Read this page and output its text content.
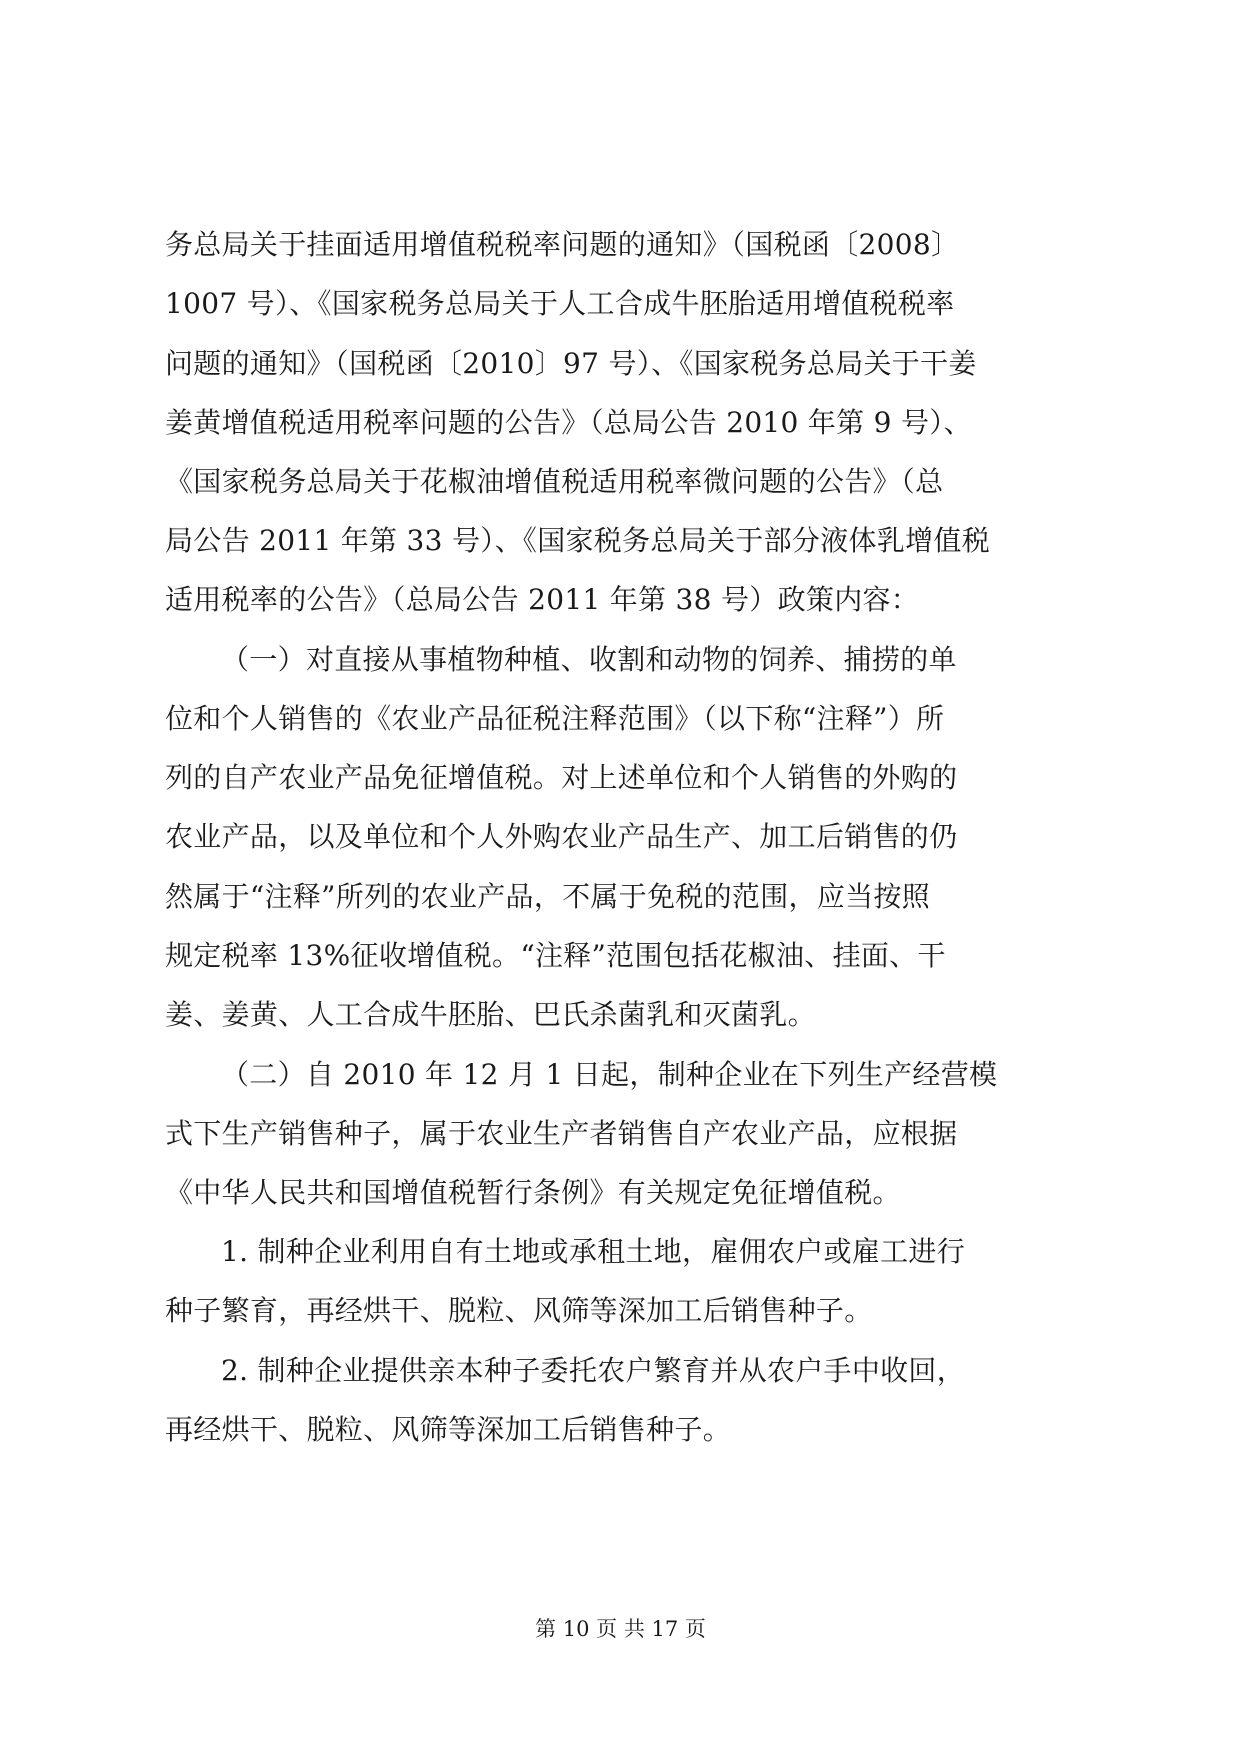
务总局关于挂面适用增值税税率问题的通知》（国税函〔2008〕
1007 号）、《国家税务总局关于人工合成牛胚胎适用增值税税率
问题的通知》（国税函〔2010〕97 号）、《国家税务总局关于干姜
姜黄增值税适用税率问题的公告》（总局公告 2010 年第 9 号）、
《国家税务总局关于花椒油增值税适用税率微问题的公告》（总
局公告 2011 年第 33 号）、《国家税务总局关于部分液体乳增值税
适用税率的公告》（总局公告 2011 年第 38 号）政策内容：
（一）对直接从事植物种植、收割和动物的饲养、捕捞的单
位和个人销售的《农业产品征税注释范围》（以下称“注释”）所
列的自产农业产品免征增值税。对上述单位和个人销售的外购的
农业产品，以及单位和个人外购农业产品生产、加工后销售的仍
然属于“注释”所列的农业产品，不属于免税的范围，应当按照
规定税率 13%征收增值税。“注释”范围包括花椒油、挂面、干
姜、姜黄、人工合成牛胚胎、巴氏杀菌乳和灭菌乳。
（二）自 2010 年 12 月 1 日起，制种企业在下列生产经营模
式下生产销售种子，属于农业生产者销售自产农业产品，应根据
《中华人民共和国增值税暂行条例》有关规定免征增值税。
1. 制种企业利用自有土地或承租土地，雇佣农户或雇工进行
种子繁育，再经烘干、脱粒、风筛等深加工后销售种子。
2. 制种企业提供亲本种子委托农户繁育并从农户手中收回，
再经烘干、脱粒、风筛等深加工后销售种子。
第 10 页 共 17 页
